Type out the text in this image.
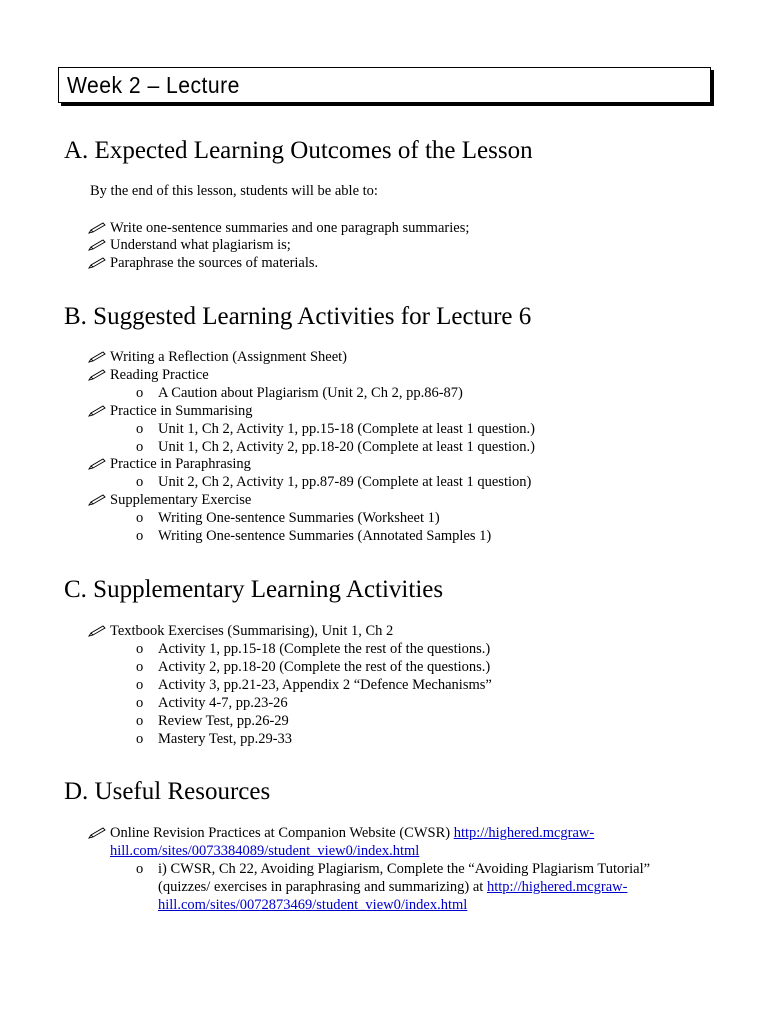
Week 2 – Lecture
A. Expected Learning Outcomes of the Lesson
By the end of this lesson, students will be able to:
Write one-sentence summaries and one paragraph summaries;
Understand what plagiarism is;
Paraphrase the sources of materials.
B. Suggested Learning Activities for Lecture 6
Writing a Reflection (Assignment Sheet)
Reading Practice
o A Caution about Plagiarism (Unit 2, Ch 2, pp.86-87)
Practice in Summarising
o Unit 1, Ch 2, Activity 1, pp.15-18 (Complete at least 1 question.)
o Unit 1, Ch 2, Activity 2, pp.18-20 (Complete at least 1 question.)
Practice in Paraphrasing
o Unit 2, Ch 2, Activity 1, pp.87-89 (Complete at least 1 question)
Supplementary Exercise
o Writing One-sentence Summaries (Worksheet 1)
o Writing One-sentence Summaries (Annotated Samples 1)
C. Supplementary Learning Activities
Textbook Exercises (Summarising), Unit 1, Ch 2
o Activity 1, pp.15-18 (Complete the rest of the questions.)
o Activity 2, pp.18-20 (Complete the rest of the questions.)
o Activity 3, pp.21-23, Appendix 2 “Defence Mechanisms”
o Activity 4-7, pp.23-26
o Review Test, pp.26-29
o Mastery Test, pp.29-33
D. Useful Resources
Online Revision Practices at Companion Website (CWSR) http://highered.mcgraw-
hill.com/sites/0073384089/student_view0/index.html
o i) CWSR, Ch 22, Avoiding Plagiarism, Complete the “Avoiding Plagiarism Tutorial”
(quizzes/ exercises in paraphrasing and summarizing) at http://highered.mcgraw-
hill.com/sites/0072873469/student_view0/index.html
